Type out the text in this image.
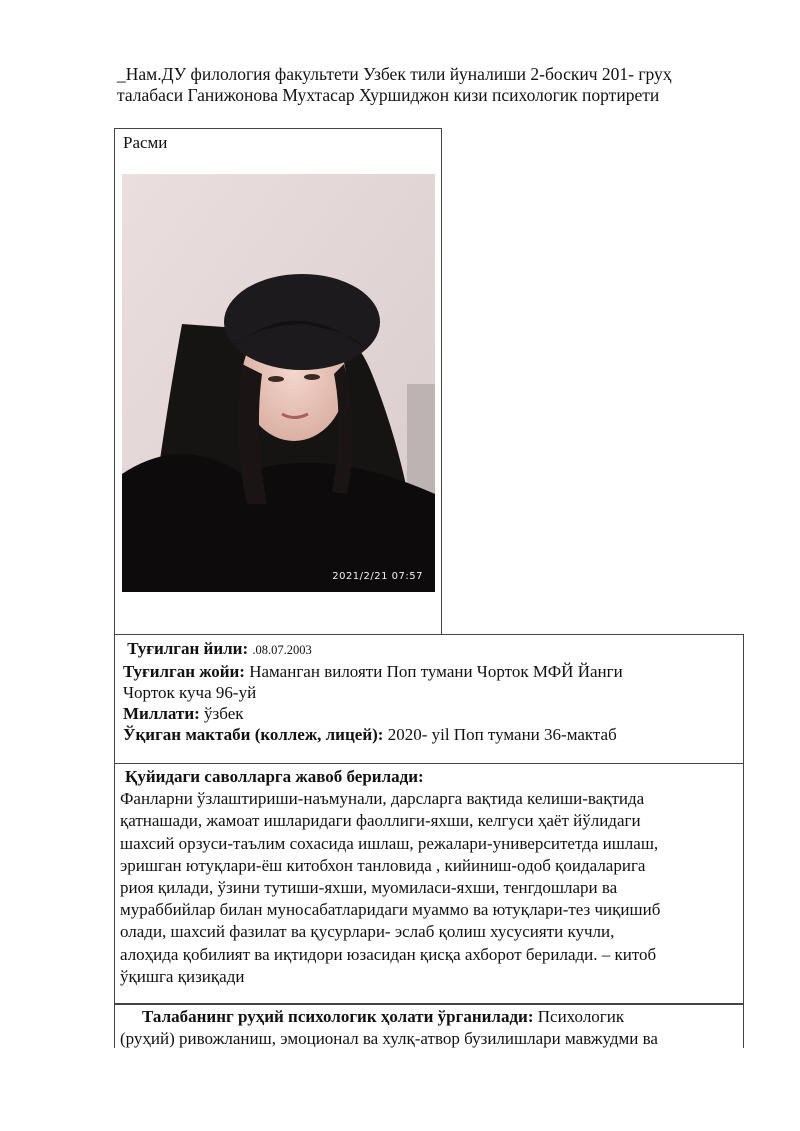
_Нам.ДУ филология факультети Узбек тили йуналиши 2-боскич 201- груҳ
талабаси Ганижонова Мухтасар Хуршиджон кизи психологик портирети
Расми
2021/2/21 07:57
Туғилган йили: .08.07.2003
Туғилган жойи: Наманган вилояти Поп тумани Чорток МФЙ Йанги
Чорток куча 96-уй
Миллати: ўзбек
Ўқиган мактаби (коллеж, лицей): 2020- yil Поп тумани 36-мактаб
Қуйидаги саволларга жавоб берилади:
Фанларни ўзлаштириши-наъмунали, дарсларга вақтида келиши-вақтида
қатнашади, жамоат ишларидаги фаоллиги-яхши, келгуси ҳаёт йўлидаги
шахсий орзуси-таълим сохасида ишлаш, режалари-университетда ишлаш,
эришган ютуқлари-ёш китобхон танловида , кийиниш-одоб қоидаларига
риоя қилади, ўзини тутиши-яхши, муомиласи-яхши, тенгдошлари ва
мураббийлар билан муносабатларидаги муаммо ва ютуқлари-тез чиқишиб
олади, шахсий фазилат ва қусурлари- эслаб қолиш хусусияти кучли,
алоҳида қобилият ва иқтидори юзасидан қисқа ахборот берилади. – китоб
ўқишга қизиқади
Талабанинг руҳий психологик ҳолати ўрганилади: Психологик
(руҳий) ривожланиш, эмоционал ва хулқ-атвор бузилишлари мавжудми ва
